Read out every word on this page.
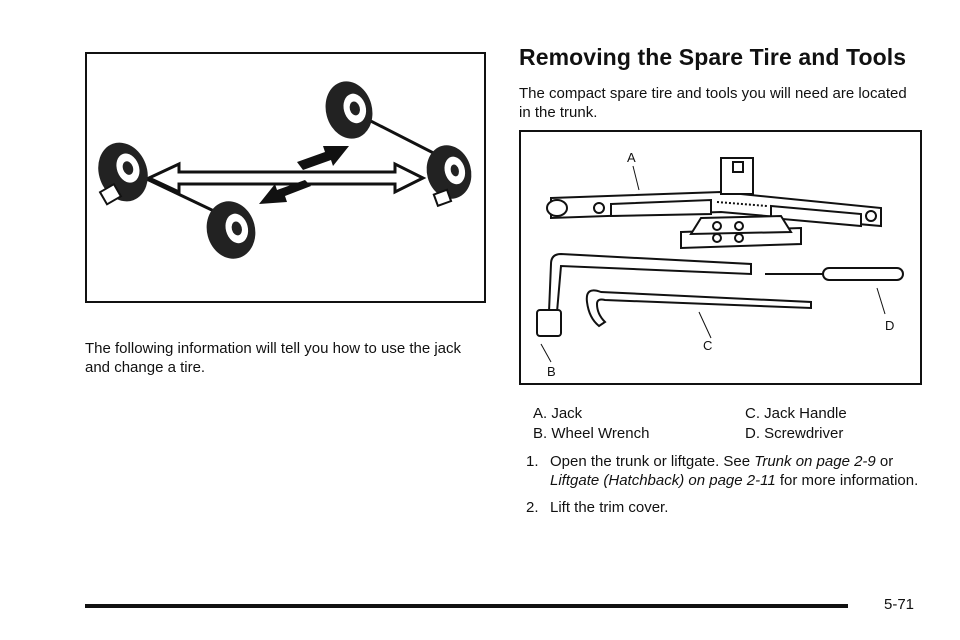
The following information will tell you how to use the jack and change a tire.

Removing the Spare Tire and Tools

The compact spare tire and tools you will need are located in the trunk.

A
B
C
D
A. Jack	C. Jack Handle
B. Wheel Wrench	D. Screwdriver
1. Open the trunk or liftgate. See Trunk on page 2-9 or Liftgate (Hatchback) on page 2-11 for more information.
2. Lift the trim cover.
5-71
